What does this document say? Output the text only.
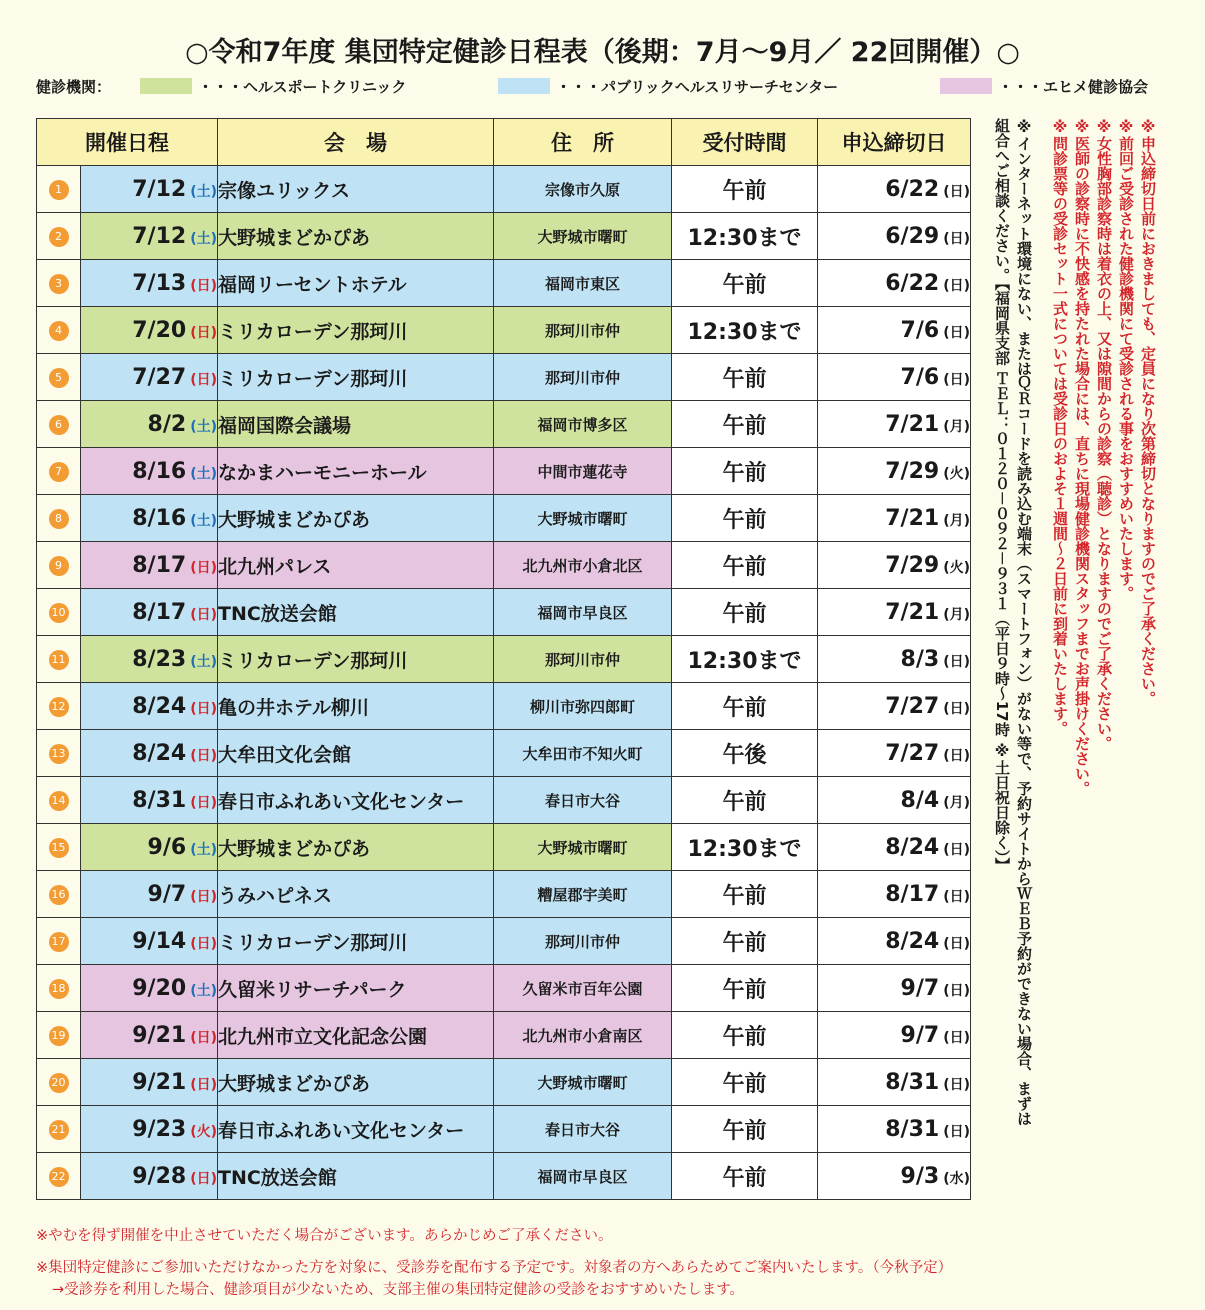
○令和7年度 集団特定健診日程表（後期：7月～9月／ 22回開催）○
健診機関：	・・・ヘルスポートクリニック	・・・パブリックヘルスリサーチセンター	・・・エヒメ健診協会
開催日程		会　場	住　所	受付時間	申込締切日
1	7/12 (土)	宗像ユリックス	宗像市久原	午前	6/22 (日)
2	7/12 (土)	大野城まどかぴあ	大野城市曙町	12:30まで	6/29 (日)
3	7/13 (日)	福岡リーセントホテル	福岡市東区	午前	6/22 (日)
4	7/20 (日)	ミリカローデン那珂川	那珂川市仲	12:30まで	7/6 (日)
5	7/27 (日)	ミリカローデン那珂川	那珂川市仲	午前	7/6 (日)
6	8/2 (土)	福岡国際会議場	福岡市博多区	午前	7/21 (月)
7	8/16 (土)	なかまハーモニーホール	中間市蓮花寺	午前	7/29 (火)
8	8/16 (土)	大野城まどかぴあ	大野城市曙町	午前	7/21 (月)
9	8/17 (日)	北九州パレス	北九州市小倉北区	午前	7/29 (火)
10	8/17 (日)	TNC放送会館	福岡市早良区	午前	7/21 (月)
11	8/23 (土)	ミリカローデン那珂川	那珂川市仲	12:30まで	8/3 (日)
12	8/24 (日)	亀の井ホテル柳川	柳川市弥四郎町	午前	7/27 (日)
13	8/24 (日)	大牟田文化会館	大牟田市不知火町	午後	7/27 (日)
14	8/31 (日)	春日市ふれあい文化センター	春日市大谷	午前	8/4 (月)
15	9/6 (土)	大野城まどかぴあ	大野城市曙町	12:30まで	8/24 (日)
16	9/7 (日)	うみハピネス	糟屋郡宇美町	午前	8/17 (日)
17	9/14 (日)	ミリカローデン那珂川	那珂川市仲	午前	8/24 (日)
18	9/20 (土)	久留米リサーチパーク	久留米市百年公園	午前	9/7 (日)
19	9/21 (日)	北九州市立文化記念公園	北九州市小倉南区	午前	9/7 (日)
20	9/21 (日)	大野城まどかぴあ	大野城市曙町	午前	8/31 (日)
21	9/23 (火)	春日市ふれあい文化センター	春日市大谷	午前	8/31 (日)
22	9/28 (日)	TNC放送会館	福岡市早良区	午前	9/3 (水)

※申込締切日前におきましても、定員になり次第締切となりますのでご了承ください。

※前回ご受診された健診機関にて受診される事をおすすめいたします。

※女性胸部診察時は着衣の上、又は隙間からの診察（聴診）となりますのでご了承ください。

※医師の診察時に不快感を持たれた場合には、直ちに現場健診機関スタッフまでお声掛けください。

※問診票等の受診セット一式については受診日のおよそ１週間～２日前に到着いたします。

※インターネット環境にない、またはＱＲコードを読み込む端末（スマートフォン）がない等で、予約サイトからＷＥＢ予約ができない場合、まずは

組合へご相談ください。【福岡県支部 ＴＥＬ：０１２０－０９２－９３１（平日９時～17時 ※土日祝日除く）】

※やむを得ず開催を中止させていただく場合がございます。あらかじめご了承ください。
※集団特定健診にご参加いただけなかった方を対象に、受診券を配布する予定です。対象者の方へあらためてご案内いたします。（今秋予定）
→受診券を利用した場合、健診項目が少ないため、支部主催の集団特定健診の受診をおすすめいたします。
